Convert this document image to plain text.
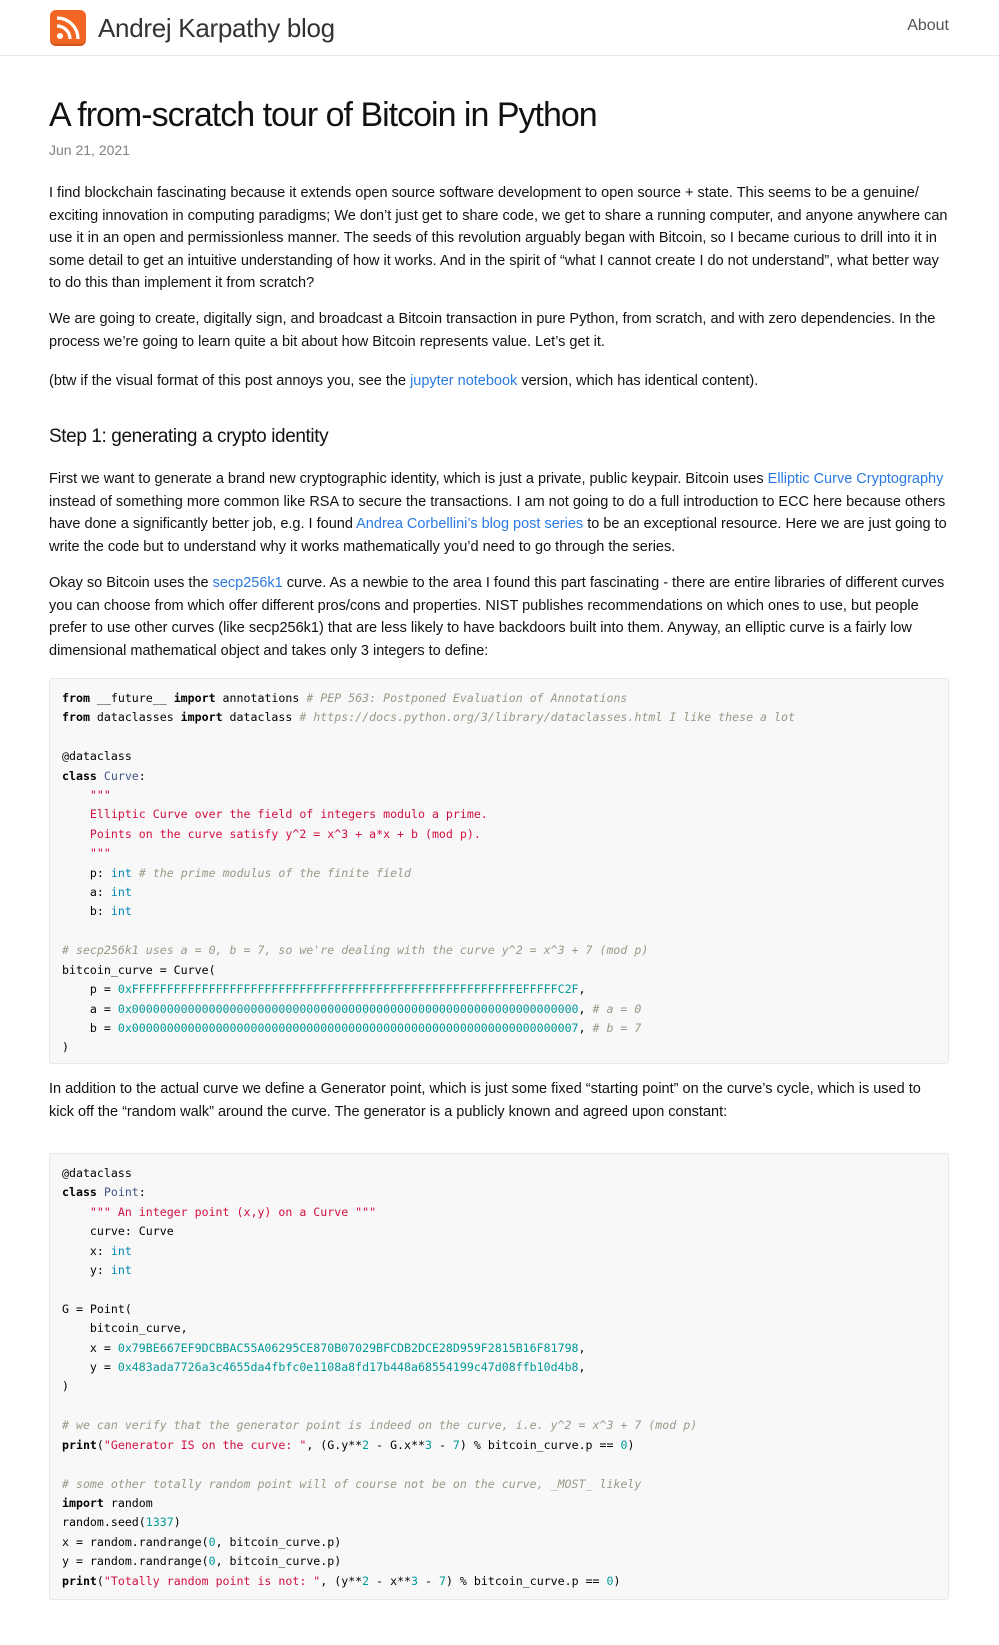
Andrej Karpathy blog	About
A from-scratch tour of Bitcoin in Python
Jun 21, 2021

I find blockchain fascinating because it extends open source software development to open source + state. This seems to be a genuine/ exciting innovation in computing paradigms; We don’t just get to share code, we get to share a running computer, and anyone anywhere can use it in an open and permissionless manner. The seeds of this revolution arguably began with Bitcoin, so I became curious to drill into it in some detail to get an intuitive understanding of how it works. And in the spirit of “what I cannot create I do not understand”, what better way to do this than implement it from scratch?

We are going to create, digitally sign, and broadcast a Bitcoin transaction in pure Python, from scratch, and with zero dependencies. In the process we’re going to learn quite a bit about how Bitcoin represents value. Let’s get it.

(btw if the visual format of this post annoys you, see the jupyter notebook version, which has identical content).

Step 1: generating a crypto identity

First we want to generate a brand new cryptographic identity, which is just a private, public keypair. Bitcoin uses Elliptic Curve Cryptography instead of something more common like RSA to secure the transactions. I am not going to do a full introduction to ECC here because others have done a significantly better job, e.g. I found Andrea Corbellini’s blog post series to be an exceptional resource. Here we are just going to write the code but to understand why it works mathematically you’d need to go through the series.

Okay so Bitcoin uses the secp256k1 curve. As a newbie to the area I found this part fascinating - there are entire libraries of different curves you can choose from which offer different pros/cons and properties. NIST publishes recommendations on which ones to use, but people prefer to use other curves (like secp256k1) that are less likely to have backdoors built into them. Anyway, an elliptic curve is a fairly low dimensional mathematical object and takes only 3 integers to define:

from __future__ import annotations # PEP 563: Postponed Evaluation of Annotations
from dataclasses import dataclass # https://docs.python.org/3/library/dataclasses.html I like these a lot

@dataclass
class Curve:
"""
Elliptic Curve over the field of integers modulo a prime.
Points on the curve satisfy y^2 = x^3 + a*x + b (mod p).
"""
p: int # the prime modulus of the finite field
a: int
b: int

# secp256k1 uses a = 0, b = 7, so we're dealing with the curve y^2 = x^3 + 7 (mod p)
bitcoin_curve = Curve(
p = 0xFFFFFFFFFFFFFFFFFFFFFFFFFFFFFFFFFFFFFFFFFFFFFFFFFFFFFFFEFFFFFC2F,
a = 0x0000000000000000000000000000000000000000000000000000000000000000, # a = 0
b = 0x0000000000000000000000000000000000000000000000000000000000000007, # b = 7
)

In addition to the actual curve we define a Generator point, which is just some fixed “starting point” on the curve’s cycle, which is used to kick off the “random walk” around the curve. The generator is a publicly known and agreed upon constant:

@dataclass
class Point:
""" An integer point (x,y) on a Curve """
curve: Curve
x: int
y: int

G = Point(
bitcoin_curve,
x = 0x79BE667EF9DCBBAC55A06295CE870B07029BFCDB2DCE28D959F2815B16F81798,
y = 0x483ada7726a3c4655da4fbfc0e1108a8fd17b448a68554199c47d08ffb10d4b8,
)

# we can verify that the generator point is indeed on the curve, i.e. y^2 = x^3 + 7 (mod p)
print("Generator IS on the curve: ", (G.y**2 - G.x**3 - 7) % bitcoin_curve.p == 0)

# some other totally random point will of course not be on the curve, _MOST_ likely
import random
random.seed(1337)
x = random.randrange(0, bitcoin_curve.p)
y = random.randrange(0, bitcoin_curve.p)
print("Totally random point is not: ", (y**2 - x**3 - 7) % bitcoin_curve.p == 0)
